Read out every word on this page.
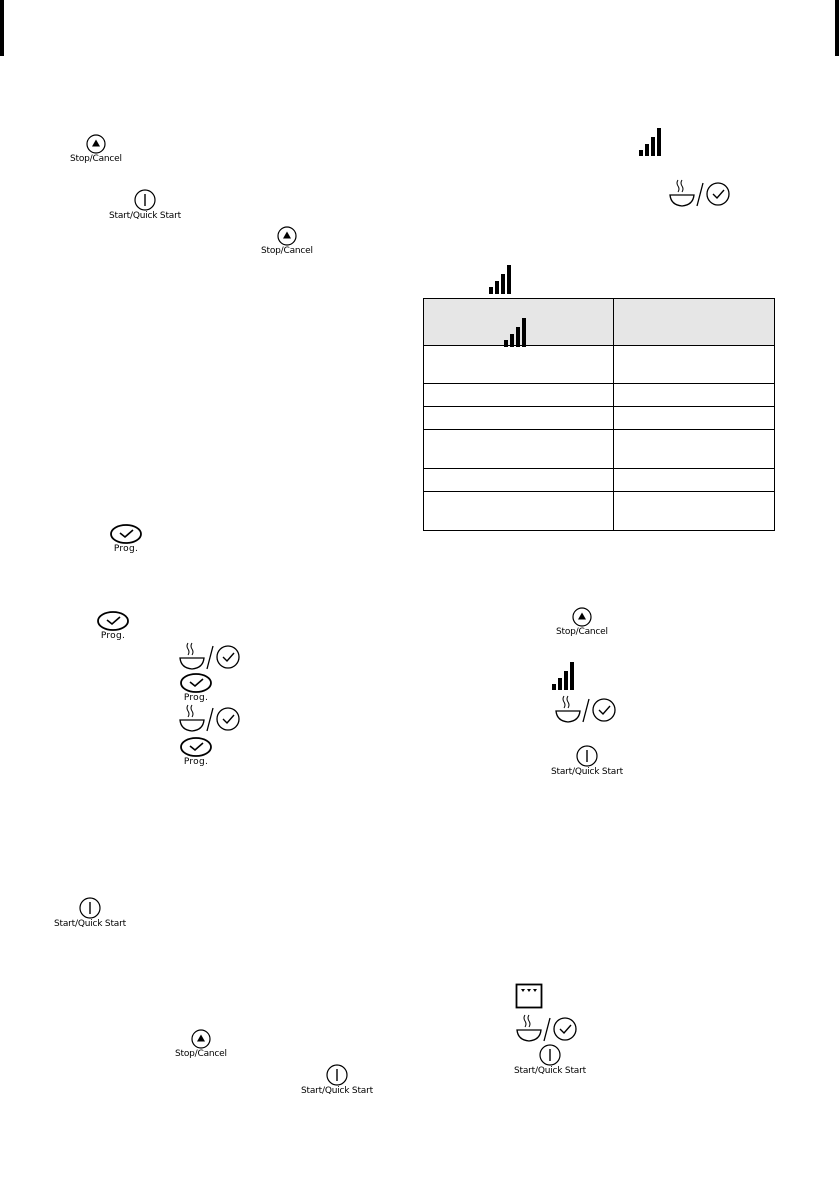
Stop/Cancel
Start/Quick Start
Stop/Cancel
Prog.
Prog.
Prog.
Prog.
Start/Quick Start
Stop/Cancel
Start/Quick Start

Stop/Cancel
Start/Quick Start
Start/Quick Start
